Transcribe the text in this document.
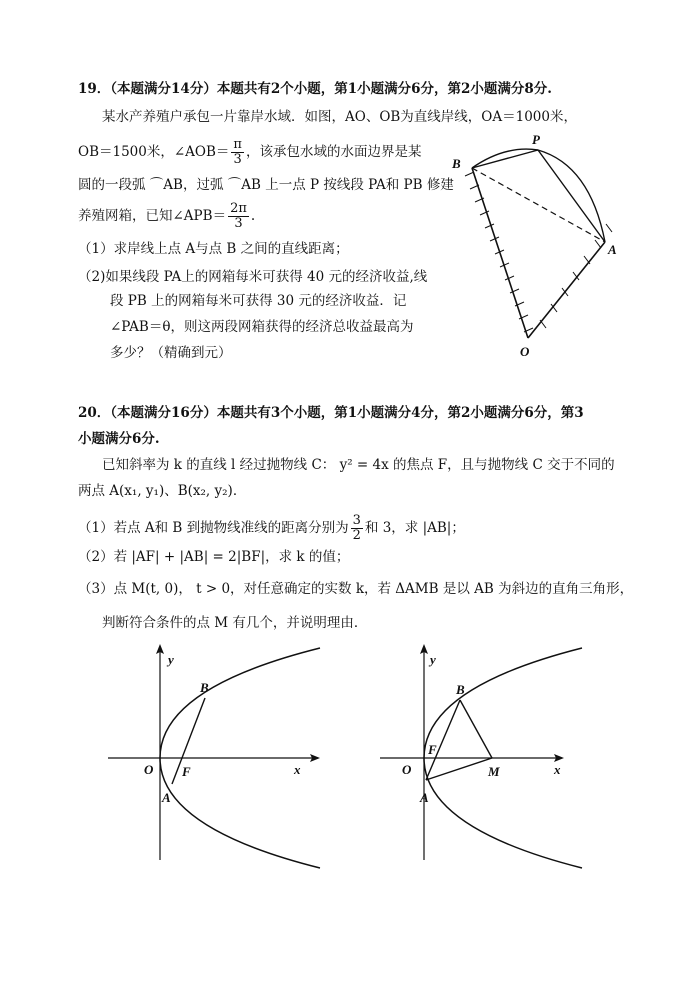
19．（本题满分14分）本题共有2个小题，第1小题满分6分，第2小题满分8分.
某水产养殖户承包一片靠岸水域．如图，AO、OB为直线岸线，OA＝1000米，
OB＝1500米，∠AOB＝ $\frac{\pi}{3}$ ，该承包水域的水面边界是某
圆的一段弧 ⌒AB，过弧 ⌒AB 上一点 P 按线段 PA和 PB 修建
养殖网箱，已知∠APB＝ $\frac{2\pi}{3}$ .
（1）求岸线上点 A与点 B 之间的直线距离；
（2)如果线段 PA上的网箱每米可获得 40 元的经济收益,线
段 PB 上的网箱每米可获得 30 元的经济收益．记
∠PAB＝θ，则这两段网箱获得的经济总收益最高为
多少？（精确到元）
B
P
A
O
20．（本题满分16分）本题共有3个小题，第1小题满分4分，第2小题满分6分，第3
小题满分6分.
已知斜率为 k 的直线 l 经过抛物线 C： y² = 4x 的焦点 F，且与抛物线 C 交于不同的
两点 A(x₁, y₁)、B(x₂, y₂)．
（1）若点 A和 B 到抛物线准线的距离分别为 $\frac{3}{2}$ 和 3，求 |AB|；
（2）若 |AF| + |AB| = 2|BF|，求 k 的值；
（3）点 M(t, 0)， t > 0，对任意确定的实数 k，若 ΔAMB 是以 AB 为斜边的直角三角形，
判断符合条件的点 M 有几个，并说明理由．
B
y
x
O F
A
B
y
x
O
F
A
M
